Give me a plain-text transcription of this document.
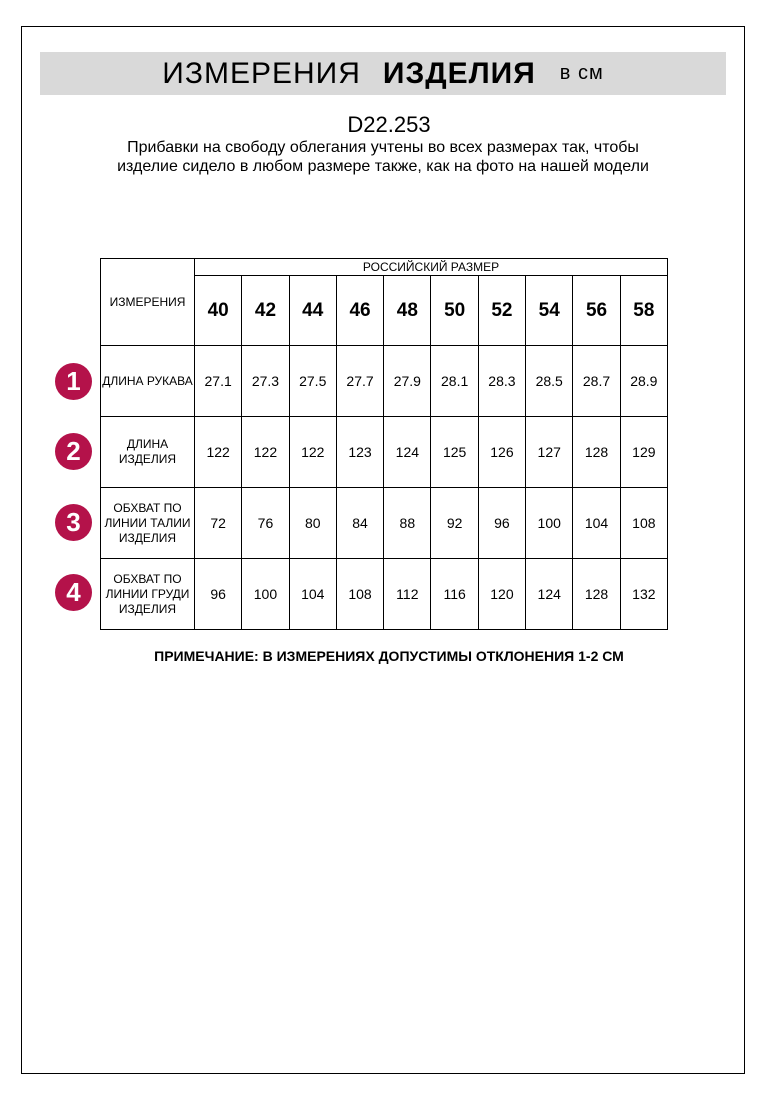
ИЗМЕРЕНИЯ ИЗДЕЛИЯ в см
D22.253
Прибавки на свободу облегания учтены во всех размерах так, чтобы изделие сидело в любом размере также, как на фото на нашей модели
ИЗМЕРЕНИЯ	РОССИЙСКИЙ РАЗМЕР									
	40	42	44	46	48	50	52	54	56	58
ДЛИНА РУКАВА	27.1	27.3	27.5	27.7	27.9	28.1	28.3	28.5	28.7	28.9
ДЛИНА ИЗДЕЛИЯ	122	122	122	123	124	125	126	127	128	129
ОБХВАТ ПО ЛИНИИ ТАЛИИ ИЗДЕЛИЯ	72	76	80	84	88	92	96	100	104	108
ОБХВАТ ПО ЛИНИИ ГРУДИ ИЗДЕЛИЯ	96	100	104	108	112	116	120	124	128	132
1
2
3
4
ПРИМЕЧАНИЕ: В ИЗМЕРЕНИЯХ ДОПУСТИМЫ ОТКЛОНЕНИЯ 1-2 СМ
